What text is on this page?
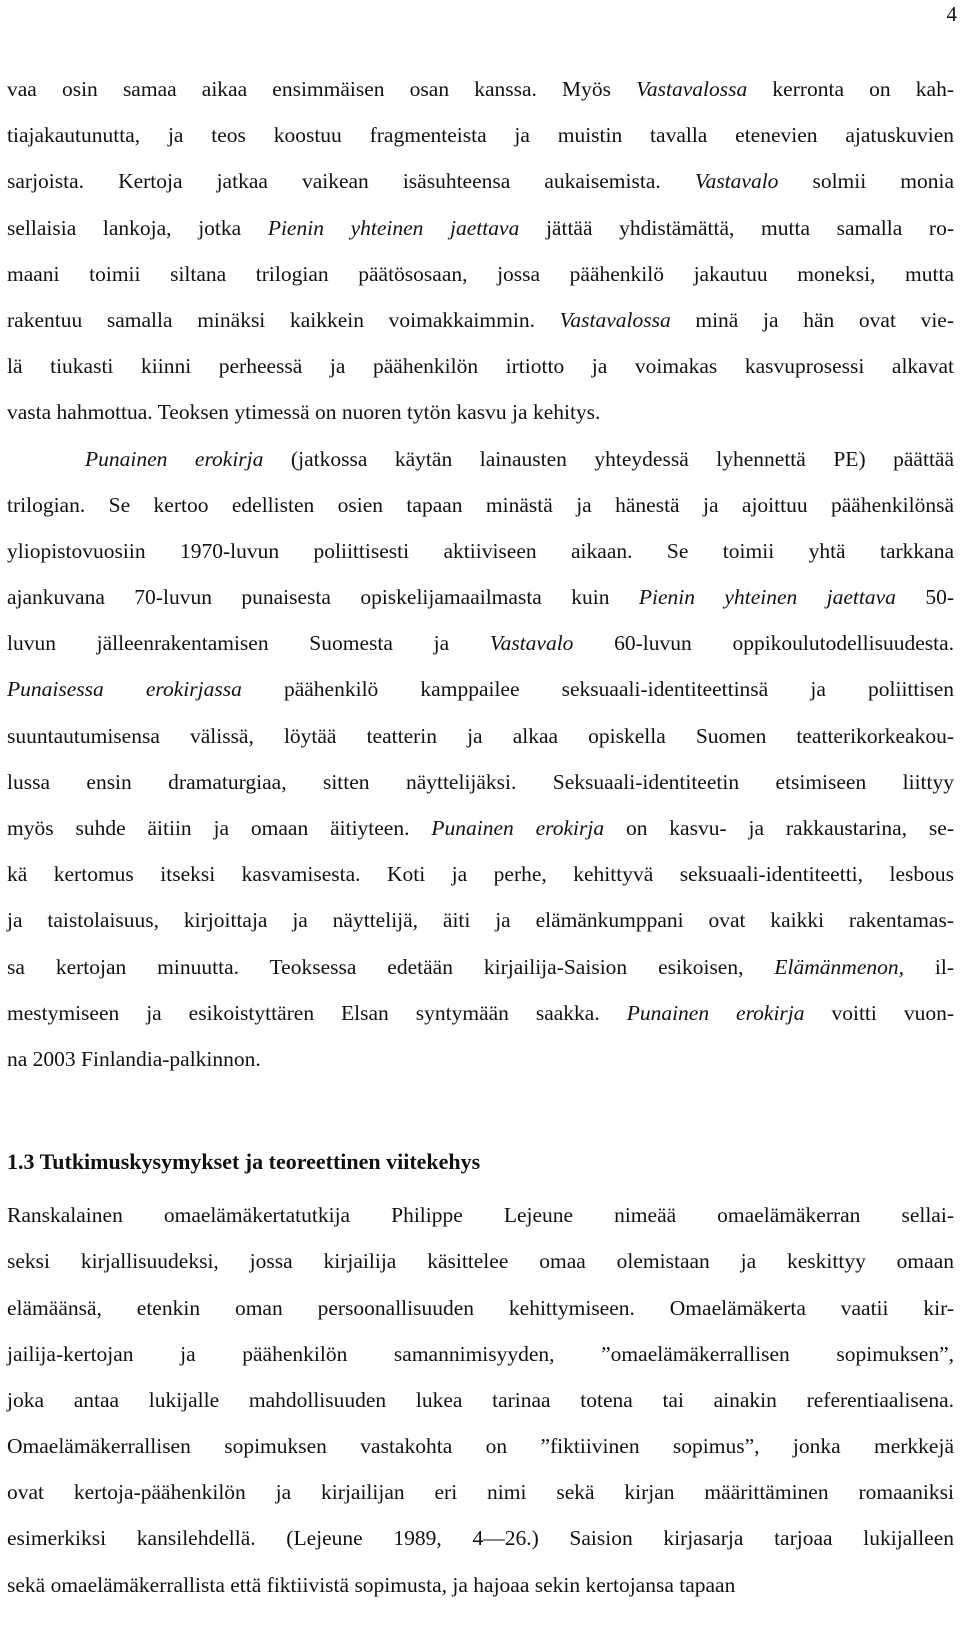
4
vaa osin samaa aikaa ensimmäisen osan kanssa. Myös Vastavalossa kerronta on kah-
tiajakautunutta, ja teos koostuu fragmenteista ja muistin tavalla etenevien ajatuskuvien
sarjoista. Kertoja jatkaa vaikean isäsuhteensa aukaisemista. Vastavalo solmii monia
sellaisia lankoja, jotka Pienin yhteinen jaettava jättää yhdistämättä, mutta samalla ro-
maani toimii siltana trilogian päätösosaan, jossa päähenkilö jakautuu moneksi, mutta
rakentuu samalla minäksi kaikkein voimakkaimmin. Vastavalossa minä ja hän ovat vie-
lä tiukasti kiinni perheessä ja päähenkilön irtiotto ja voimakas kasvuprosessi alkavat
vasta hahmottua. Teoksen ytimessä on nuoren tytön kasvu ja kehitys.
Punainen erokirja (jatkossa käytän lainausten yhteydessä lyhennettä PE) päättää
trilogian. Se kertoo edellisten osien tapaan minästä ja hänestä ja ajoittuu päähenkilönsä
yliopistovuosiin 1970-luvun poliittisesti aktiiviseen aikaan. Se toimii yhtä tarkkana
ajankuvana 70-luvun punaisesta opiskelijamaailmasta kuin Pienin yhteinen jaettava 50-
luvun jälleenrakentamisen Suomesta ja Vastavalo 60-luvun oppikoulutodellisuudesta.
Punaisessa erokirjassa päähenkilö kamppailee seksuaali-identiteettinsä ja poliittisen
suuntautumisensa välissä, löytää teatterin ja alkaa opiskella Suomen teatterikorkeakou-
lussa ensin dramaturgiaa, sitten näyttelijäksi. Seksuaali-identiteetin etsimiseen liittyy
myös suhde äitiin ja omaan äitiyteen. Punainen erokirja on kasvu- ja rakkaustarina, se-
kä kertomus itseksi kasvamisesta. Koti ja perhe, kehittyvä seksuaali-identiteetti, lesbous
ja taistolaisuus, kirjoittaja ja näyttelijä, äiti ja elämänkumppani ovat kaikki rakentamas-
sa kertojan minuutta. Teoksessa edetään kirjailija-Saision esikoisen, Elämänmenon, il-
mestymiseen ja esikoistyttären Elsan syntymään saakka. Punainen erokirja voitti vuon-
na 2003 Finlandia-palkinnon.
1.3 Tutkimuskysymykset ja teoreettinen viitekehys
Ranskalainen omaelämäkertatutkija Philippe Lejeune nimeää omaelämäkerran sellai-
seksi kirjallisuudeksi, jossa kirjailija käsittelee omaa olemistaan ja keskittyy omaan
elämäänsä, etenkin oman persoonallisuuden kehittymiseen. Omaelämäkerta vaatii kir-
jailija-kertojan ja päähenkilön samannimisyyden, ”omaelämäkerrallisen sopimuksen”,
joka antaa lukijalle mahdollisuuden lukea tarinaa totena tai ainakin referentiaalisena.
Omaelämäkerrallisen sopimuksen vastakohta on ”fiktiivinen sopimus”, jonka merkkejä
ovat kertoja-päähenkilön ja kirjailijan eri nimi sekä kirjan määrittäminen romaaniksi
esimerkiksi kansilehdellä. (Lejeune 1989, 4—26.) Saision kirjasarja tarjoaa lukijalleen
sekä omaelämäkerrallista että fiktiivistä sopimusta, ja hajoaa sekin kertojansa tapaan
